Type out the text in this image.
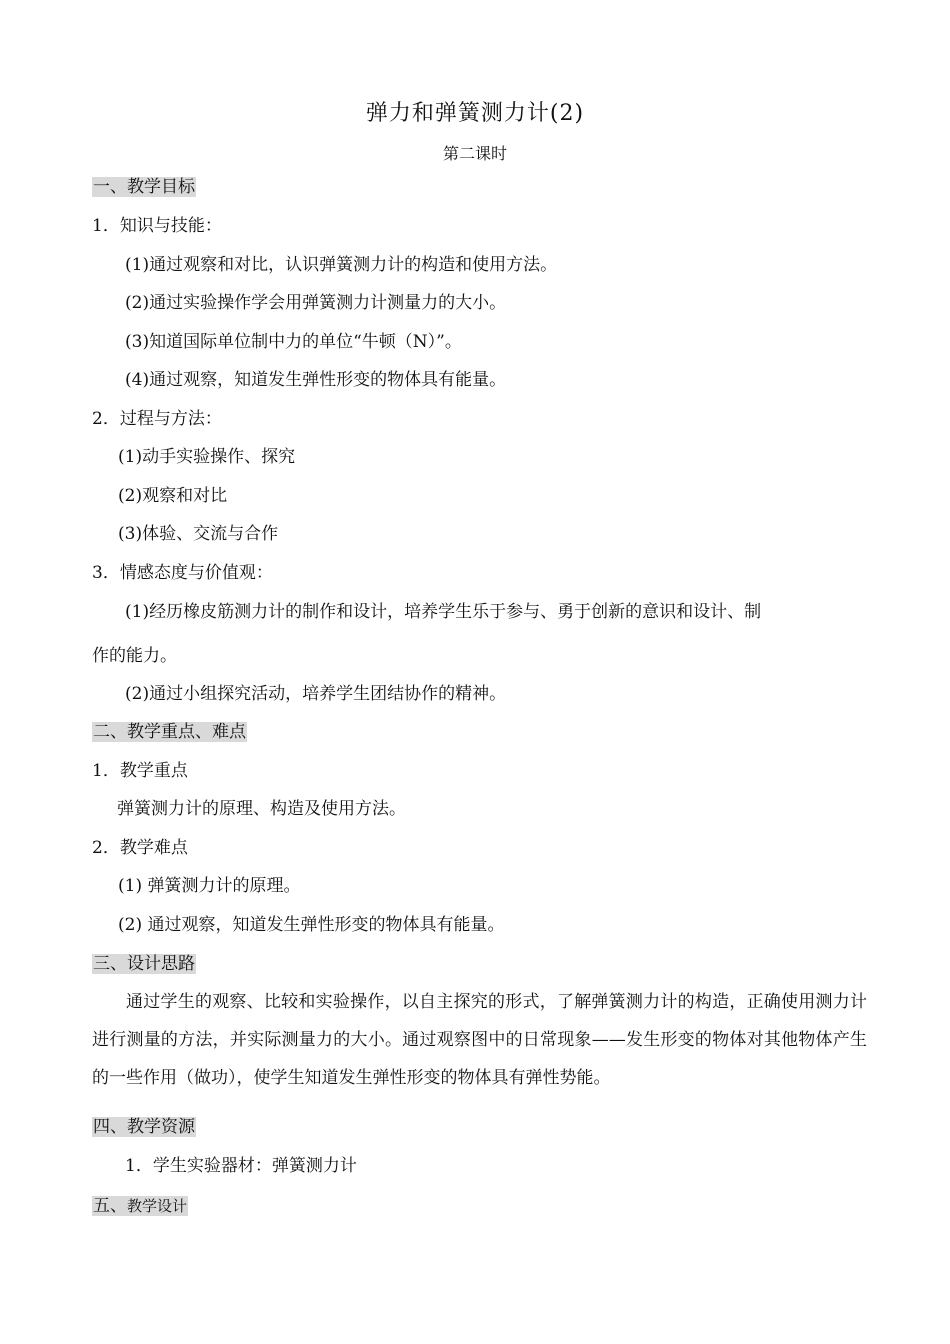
弹力和弹簧测力计(2)
第二课时
一、教学目标
1．知识与技能：
(1)通过观察和对比，认识弹簧测力计的构造和使用方法。
(2)通过实验操作学会用弹簧测力计测量力的大小。
(3)知道国际单位制中力的单位“牛顿（N）”。
(4)通过观察，知道发生弹性形变的物体具有能量。
2．过程与方法：
(1)动手实验操作、探究
(2)观察和对比
(3)体验、交流与合作
3．情感态度与价值观：
(1)经历橡皮筋测力计的制作和设计，培养学生乐于参与、勇于创新的意识和设计、制
作的能力。
(2)通过小组探究活动，培养学生团结协作的精神。
二、教学重点、难点
1．教学重点
弹簧测力计的原理、构造及使用方法。
2．教学难点
(1) 弹簧测力计的原理。
(2) 通过观察，知道发生弹性形变的物体具有能量。
三、设计思路
通过学生的观察、比较和实验操作，以自主探究的形式，了解弹簧测力计的构造，正确使用测力计进行测量的方法，并实际测量力的大小。通过观察图中的日常现象——发生形变的物体对其他物体产生的一些作用（做功），使学生知道发生弹性形变的物体具有弹性势能。
四、教学资源
1．学生实验器材：弹簧测力计
五、教学设计
